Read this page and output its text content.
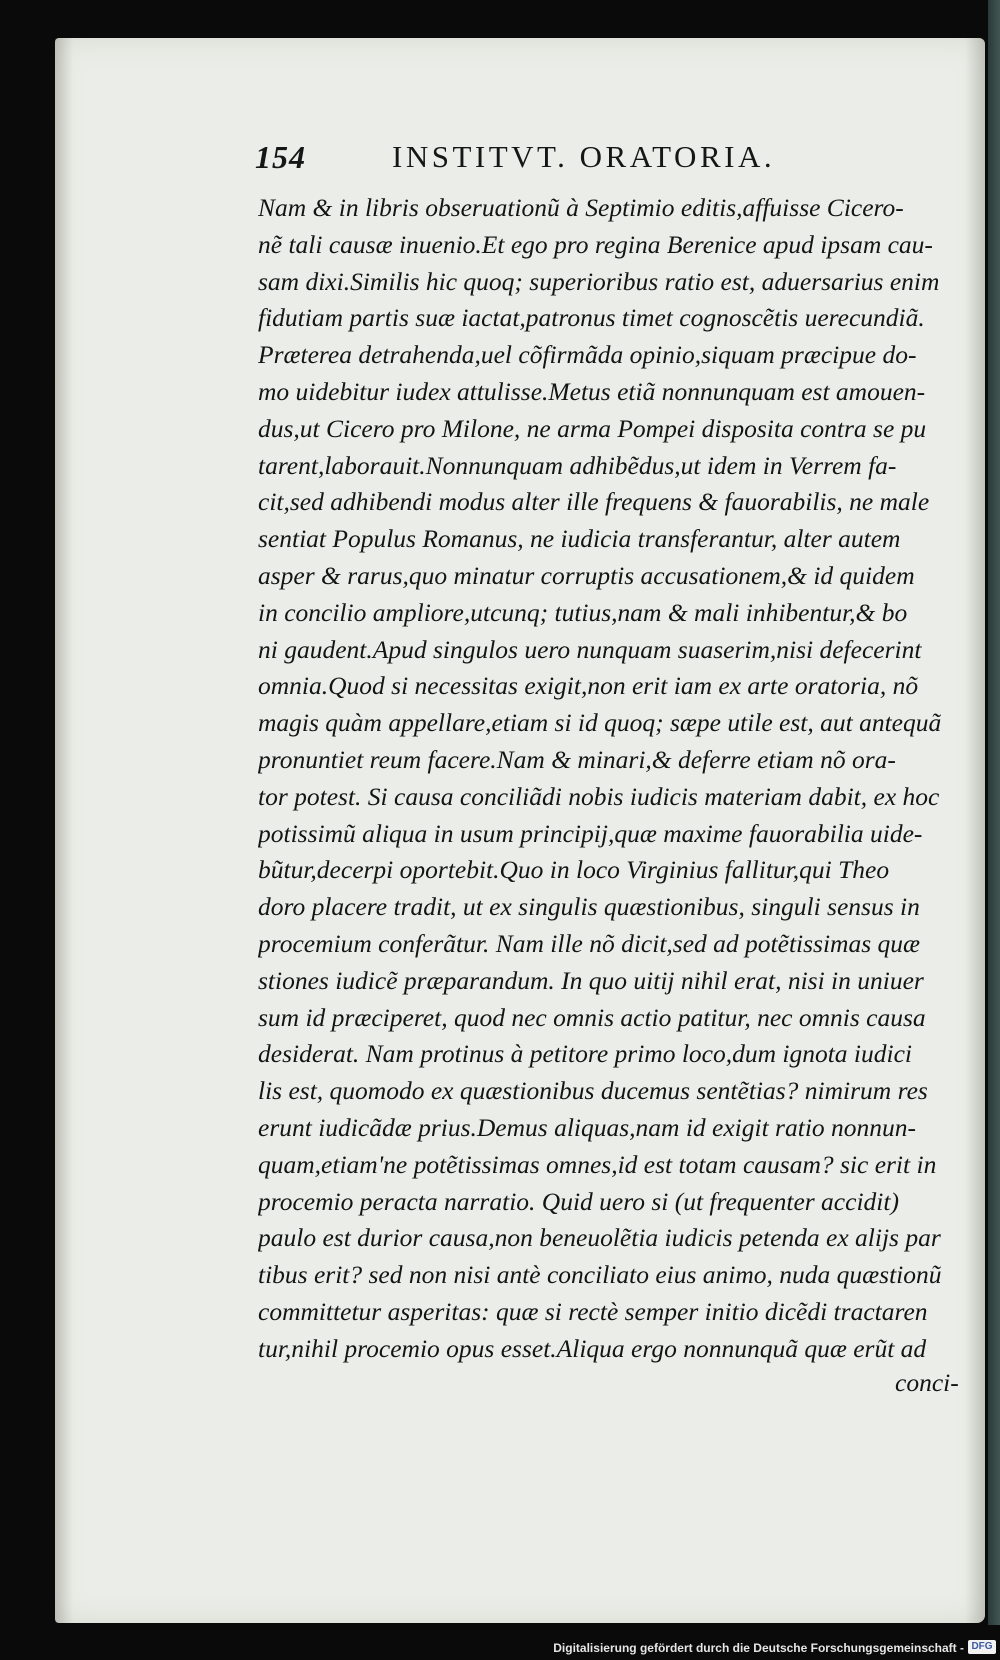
154	INSTITVT. ORATORIA.
Nam & in libris obseruationũ à Septimio editis,affuisse Cicero-
nẽ tali causæ inuenio.Et ego pro regina Berenice apud ipsam cau-
sam dixi.Similis hic quoq; superioribus ratio est, aduersarius enim
fidutiam partis suæ iactat,patronus timet cognoscẽtis uerecundiã.
Præterea detrahenda,uel cõfirmãda opinio,siquam præcipue do-
mo uidebitur iudex attulisse.Metus etiã nonnunquam est amouen-
dus,ut Cicero pro Milone, ne arma Pompei disposita contra se pu
tarent,laborauit.Nonnunquam adhibẽdus,ut idem in Verrem fa-
cit,sed adhibendi modus alter ille frequens & fauorabilis, ne male
sentiat Populus Romanus, ne iudicia transferantur, alter autem
asper & rarus,quo minatur corruptis accusationem,& id quidem
in concilio ampliore,utcunq; tutius,nam & mali inhibentur,& bo
ni gaudent.Apud singulos uero nunquam suaserim,nisi defecerint
omnia.Quod si necessitas exigit,non erit iam ex arte oratoria, nõ
magis quàm appellare,etiam si id quoq; sæpe utile est, aut antequã
pronuntiet reum facere.Nam & minari,& deferre etiam nõ ora-
tor potest. Si causa conciliãdi nobis iudicis materiam dabit, ex hoc
potissimũ aliqua in usum principij,quæ maxime fauorabilia uide-
bũtur,decerpi oportebit.Quo in loco Virginius fallitur,qui Theo
doro placere tradit, ut ex singulis quæstionibus, singuli sensus in
procemium conferãtur. Nam ille nõ dicit,sed ad potẽtissimas quæ
stiones iudicẽ præparandum. In quo uitij nihil erat, nisi in uniuer
sum id præciperet, quod nec omnis actio patitur, nec omnis causa
desiderat. Nam protinus à petitore primo loco,dum ignota iudici
lis est, quomodo ex quæstionibus ducemus sentẽtias? nimirum res
erunt iudicãdæ prius.Demus aliquas,nam id exigit ratio nonnun-
quam,etiam'ne potẽtissimas omnes,id est totam causam? sic erit in
procemio peracta narratio. Quid uero si (ut frequenter accidit)
paulo est durior causa,non beneuolẽtia iudicis petenda ex alijs par
tibus erit? sed non nisi antè conciliato eius animo, nuda quæstionũ
committetur asperitas: quæ si rectè semper initio dicẽdi tractaren
tur,nihil procemio opus esset.Aliqua ergo nonnunquã quæ erũt ad
conci-
Digitalisierung gefördert durch die Deutsche Forschungsgemeinschaft - DFG
